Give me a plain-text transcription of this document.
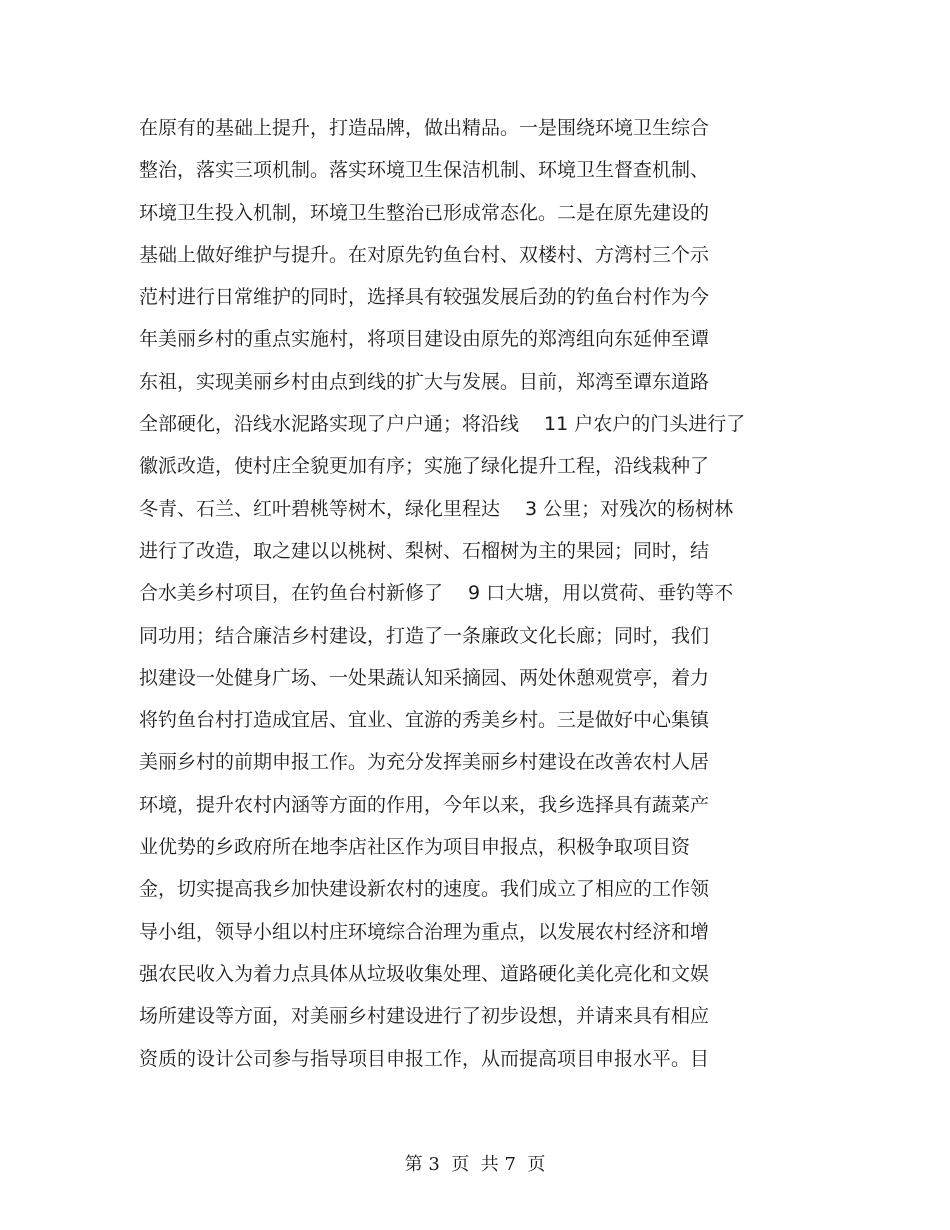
在原有的基础上提升，打造品牌，做出精品。一是围绕环境卫生综合
整治，落实三项机制。落实环境卫生保洁机制、环境卫生督查机制、
环境卫生投入机制，环境卫生整治已形成常态化。二是在原先建设的
基础上做好维护与提升。在对原先钓鱼台村、双楼村、方湾村三个示
范村进行日常维护的同时，选择具有较强发展后劲的钓鱼台村作为今
年美丽乡村的重点实施村，将项目建设由原先的郑湾组向东延伸至谭
东祖，实现美丽乡村由点到线的扩大与发展。目前，郑湾至谭东道路
全部硬化，沿线水泥路实现了户户通；将沿线　 11 户农户的门头进行了
徽派改造，使村庄全貌更加有序；实施了绿化提升工程，沿线栽种了
冬青、石兰、红叶碧桃等树木，绿化里程达　 3 公里；对残次的杨树林
进行了改造，取之建以以桃树、梨树、石榴树为主的果园；同时，结
合水美乡村项目，在钓鱼台村新修了　 9 口大塘，用以赏荷、垂钓等不
同功用；结合廉洁乡村建设，打造了一条廉政文化长廊；同时，我们
拟建设一处健身广场、一处果蔬认知采摘园、两处休憩观赏亭，着力
将钓鱼台村打造成宜居、宜业、宜游的秀美乡村。三是做好中心集镇
美丽乡村的前期申报工作。为充分发挥美丽乡村建设在改善农村人居
环境，提升农村内涵等方面的作用，今年以来，我乡选择具有蔬菜产
业优势的乡政府所在地李店社区作为项目申报点，积极争取项目资
金，切实提高我乡加快建设新农村的速度。我们成立了相应的工作领
导小组，领导小组以村庄环境综合治理为重点，以发展农村经济和增
强农民收入为着力点具体从垃圾收集处理、道路硬化美化亮化和文娱
场所建设等方面，对美丽乡村建设进行了初步设想，并请来具有相应
资质的设计公司参与指导项目申报工作，从而提高项目申报水平。目
第 3  页  共 7  页
